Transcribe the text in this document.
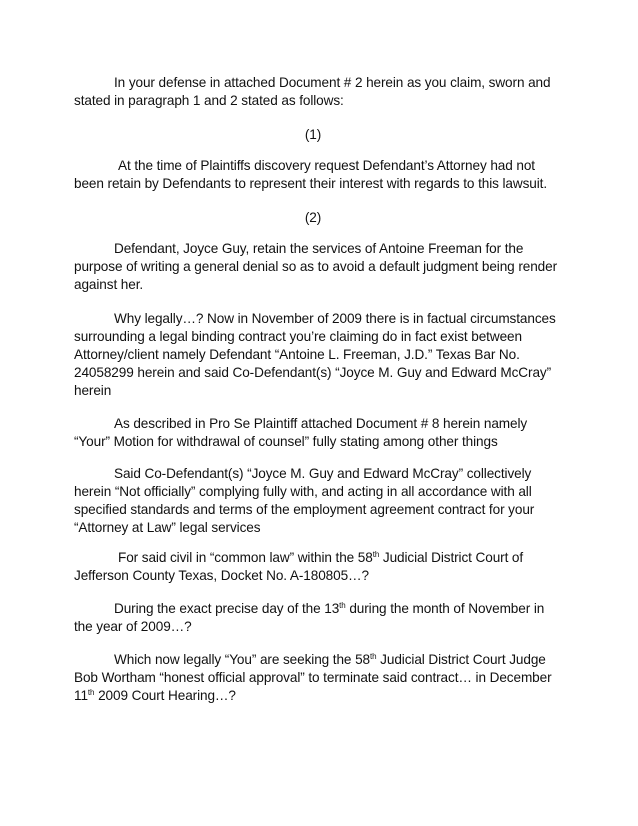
In your defense in attached Document # 2 herein as you claim, sworn and
stated in paragraph 1 and 2 stated as follows:
(1)
At the time of Plaintiffs discovery request Defendant’s Attorney had not
been retain by Defendants to represent their interest with regards to this lawsuit.
(2)
Defendant, Joyce Guy, retain the services of Antoine Freeman for the
purpose of writing a general denial so as to avoid a default judgment being render
against her.
Why legally…? Now in November of 2009 there is in factual circumstances
surrounding a legal binding contract you’re claiming do in fact exist between
Attorney/client namely Defendant “Antoine L. Freeman, J.D.” Texas Bar No.
24058299 herein and said Co-Defendant(s) “Joyce M. Guy and Edward McCray”
herein
As described in Pro Se Plaintiff attached Document # 8 herein namely
“Your” Motion for withdrawal of counsel” fully stating among other things
Said Co-Defendant(s) “Joyce M. Guy and Edward McCray” collectively
herein “Not officially” complying fully with, and acting in all accordance with all
specified standards and terms of the employment agreement contract for your
“Attorney at Law” legal services
For said civil in “common law” within the 58th Judicial District Court of
Jefferson County Texas, Docket No. A-180805…?
During the exact precise day of the 13th during the month of November in
the year of 2009…?
Which now legally “You” are seeking the 58th Judicial District Court Judge
Bob Wortham “honest official approval” to terminate said contract… in December
11th 2009 Court Hearing…?
